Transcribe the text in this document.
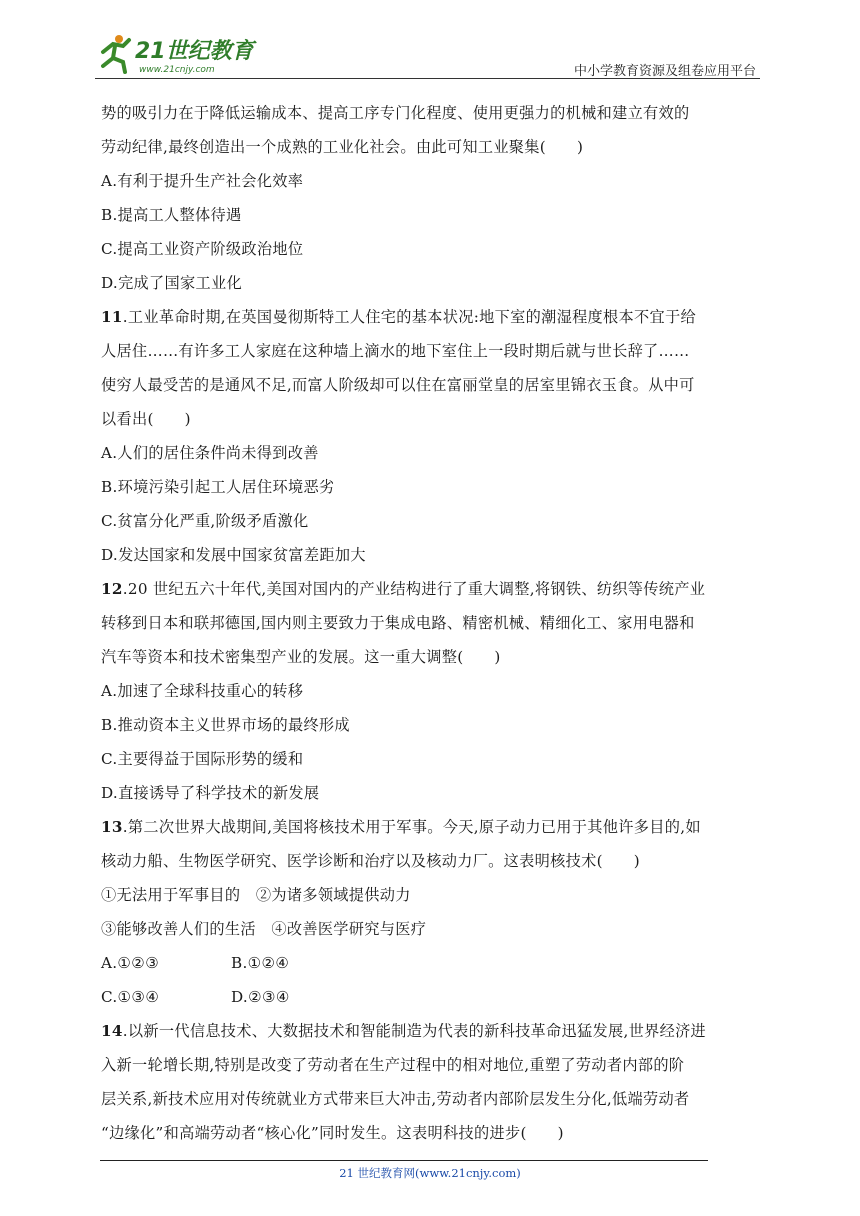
21世纪教育
www.21cnjy.com	中小学教育资源及组卷应用平台
势的吸引力在于降低运输成本、提高工序专门化程度、使用更强力的机械和建立有效的
劳动纪律,最终创造出一个成熟的工业化社会。由此可知工业聚集(　　)
A.有利于提升生产社会化效率
B.提高工人整体待遇
C.提高工业资产阶级政治地位
D.完成了国家工业化
11.工业革命时期,在英国曼彻斯特工人住宅的基本状况:地下室的潮湿程度根本不宜于给
人居住……有许多工人家庭在这种墙上滴水的地下室住上一段时期后就与世长辞了……
使穷人最受苦的是通风不足,而富人阶级却可以住在富丽堂皇的居室里锦衣玉食。从中可
以看出(　　)
A.人们的居住条件尚未得到改善
B.环境污染引起工人居住环境恶劣
C.贫富分化严重,阶级矛盾激化
D.发达国家和发展中国家贫富差距加大
12.20 世纪五六十年代,美国对国内的产业结构进行了重大调整,将钢铁、纺织等传统产业
转移到日本和联邦德国,国内则主要致力于集成电路、精密机械、精细化工、家用电器和
汽车等资本和技术密集型产业的发展。这一重大调整(　　)
A.加速了全球科技重心的转移
B.推动资本主义世界市场的最终形成
C.主要得益于国际形势的缓和
D.直接诱导了科学技术的新发展
13.第二次世界大战期间,美国将核技术用于军事。今天,原子动力已用于其他许多目的,如
核动力船、生物医学研究、医学诊断和治疗以及核动力厂。这表明核技术(　　)
①无法用于军事目的　②为诸多领域提供动力
③能够改善人们的生活　④改善医学研究与医疗
A.①②③	B.①②④
C.①③④	D.②③④
14.以新一代信息技术、大数据技术和智能制造为代表的新科技革命迅猛发展,世界经济进
入新一轮增长期,特别是改变了劳动者在生产过程中的相对地位,重塑了劳动者内部的阶
层关系,新技术应用对传统就业方式带来巨大冲击,劳动者内部阶层发生分化,低端劳动者
“边缘化”和高端劳动者“核心化”同时发生。这表明科技的进步(　　)
21 世纪教育网(www.21cnjy.com)
